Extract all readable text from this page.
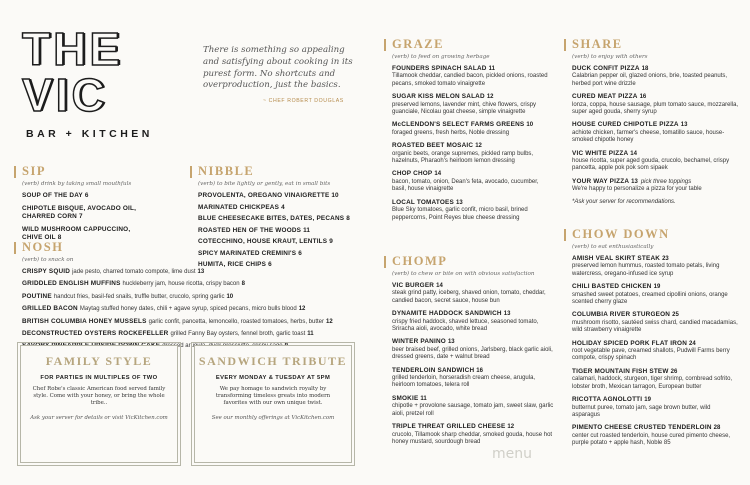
THE VIC
BAR + KITCHEN
There is something so appealing and satisfying about cooking in its purest form. No shortcuts and overproduction, just the basics.
~ CHEF ROBERT DOUGLAS
SIP
(verb) drink by taking small mouthfuls
SOUP OF THE DAY 6
CHIPOTLE BISQUE, AVOCADO OIL, CHARRED CORN 7
WILD MUSHROOM CAPPUCCINO, CHIVE OIL 8
NIBBLE
(verb) to bite lightly or gently, eat in small bits
PROVOLENTA, OREGANO VINAIGRETTE 10
MARINATED CHICKPEAS 4
BLUE CHEESECAKE BITES, DATES, PECANS 8
ROASTED HEN OF THE WOODS 11
COTECCHINO, HOUSE KRAUT, LENTILS 9
SPICY MARINATED CREMINI'S 6
HUMITA, RICE CHIPS 6
NOSH
(verb) to snack on
CRISPY SQUID jade pesto, charred tomato compote, lime dust 13
GRIDDLED ENGLISH MUFFINS huckleberry jam, house ricotta, crispy bacon 8
POUTINE handcut fries, basil-fed snails, truffle butter, crucolo, spring garlic 10
GRILLED BACON Maytag stuffed honey dates, chili + agave syrup, spiced pecans, micro bulls blood 12
BRITISH COLUMBIA HONEY MUSSELS garlic confit, pancetta, lemoncello, roasted tomatoes, herbs, butter 12
DECONSTRUCTED OYSTERS ROCKEFELLER grilled Fanny Bay oysters, fennel broth, garlic toast 11
FAMILY STYLE
FOR PARTIES IN MULTIPLES OF TWO
Chef Robe's classic American food served family style. Come with your honey, or bring the whole tribe..
Ask your server for details or visit VicKitchen.com
SANDWICH TRIBUTE
EVERY MONDAY & TUESDAY AT 5PM
We pay homage to sandwich royalty by transforming timeless greats into modern favorites with our own unique twist.
See our monthly offerings at VicKitchen.com
GRAZE
(verb) to feed on growing herbage
FOUNDERS SPINACH SALAD 11
Tillamook cheddar, candied bacon, pickled onions, roasted pecans, smoked tomato vinaigrette
SUGAR KISS MELON SALAD 12
preserved lemons, lavender mint, chive flowers, crispy guanciale, Nicolau goat cheese, simple vinaigrette
McCLENDON'S SELECT FARMS GREENS 10
foraged greens, fresh herbs, Noble dressing
ROASTED BEET MOSAIC 12
organic beets, orange supremes, pickled ramp bulbs, hazelnuts, Pharaoh's heirloom lemon dressing
CHOP CHOP 14
bacon, tomato, onion, Dean's feta, avocado, cucumber, basil, house vinaigrette
LOCAL TOMATOES 13
Blue Sky tomatoes, garlic confit, micro basil, brined peppercorns, Point Reyes blue cheese dressing
CHOMP
(verb) to chew or bite on with obvious satisfaction
VIC BURGER 14
steak grind patty, iceberg, shaved onion, tomato, cheddar, candied bacon, secret sauce, house bun
DYNAMITE HADDOCK SANDWICH 13
crispy fried haddock, shaved lettuce, seasoned tomato, Sriracha aioli, avocado, white bread
WINTER PANINO 13
beer braised beef, grilled onions, Jarlsberg, black garlic aioli, dressed greens, date + walnut bread
TENDERLOIN SANDWICH 16
grilled tenderloin, horseradish cream cheese, arugula, heirloom tomatoes, telera roll
SMOKIE 11
chipotle + provolone sausage, tomato jam, sweet slaw, garlic aioli, pretzel roll
TRIPLE THREAT GRILLED CHEESE 12
crucolo, Tillamook sharp cheddar, smoked gouda, house hot honey mustard, sourdough bread
SHARE
(verb) to enjoy with others
DUCK CONFIT PIZZA 18
Calabrian pepper oil, glazed onions, brie, toasted peanuts, herbed port wine drizzle
CURED MEAT PIZZA 16
lonza, coppa, house sausage, plum tomato sauce, mozzarella, super aged gouda, sherry syrup
HOUSE CURED CHIPOTLE PIZZA 13
achiote chicken, farmer's cheese, tomatillo sauce, house-smoked chipotle honey
VIC WHITE PIZZA 14
house ricotta, super aged gouda, crucolo, bechamel, crispy pancetta, apple pok pok som sipaek
YOUR WAY PIZZA 13 pick three toppings
We're happy to personalize a pizza for your table
*Ask your server for recommendations.
CHOW DOWN
(verb) to eat enthusiastically
AMISH VEAL SKIRT STEAK 23
preserved lemon hummus, roasted tomato petals, living watercress, oregano-infused ice syrup
CHILI BASTED CHICKEN 19
smashed sweet potatoes, creamed cipollini onions, orange scented cherry glaze
COLUMBIA RIVER STURGEON 25
mushroom risotto, sautéed swiss chard, candied macadamias, wild strawberry vinaigrette
HOLIDAY SPICED PORK FLAT IRON 24
root vegetable pave, creamed shallots, Pudwill Farms berry compote, crispy spinach
TIGER MOUNTAIN FISH STEW 26
calamari, haddock, sturgeon, tiger shrimp, cornbread sofrito, lobster broth, Mexican tarragon, European butter
RICOTTA AGNOLOTTI 19
butternut puree, tomato jam, sage brown butter, wild asparagus
PIMENTO CHEESE CRUSTED TENDERLOIN 28
center cut roasted tenderloin, house cured pimento cheese, purple potato + apple hash, Noble 85
menu
